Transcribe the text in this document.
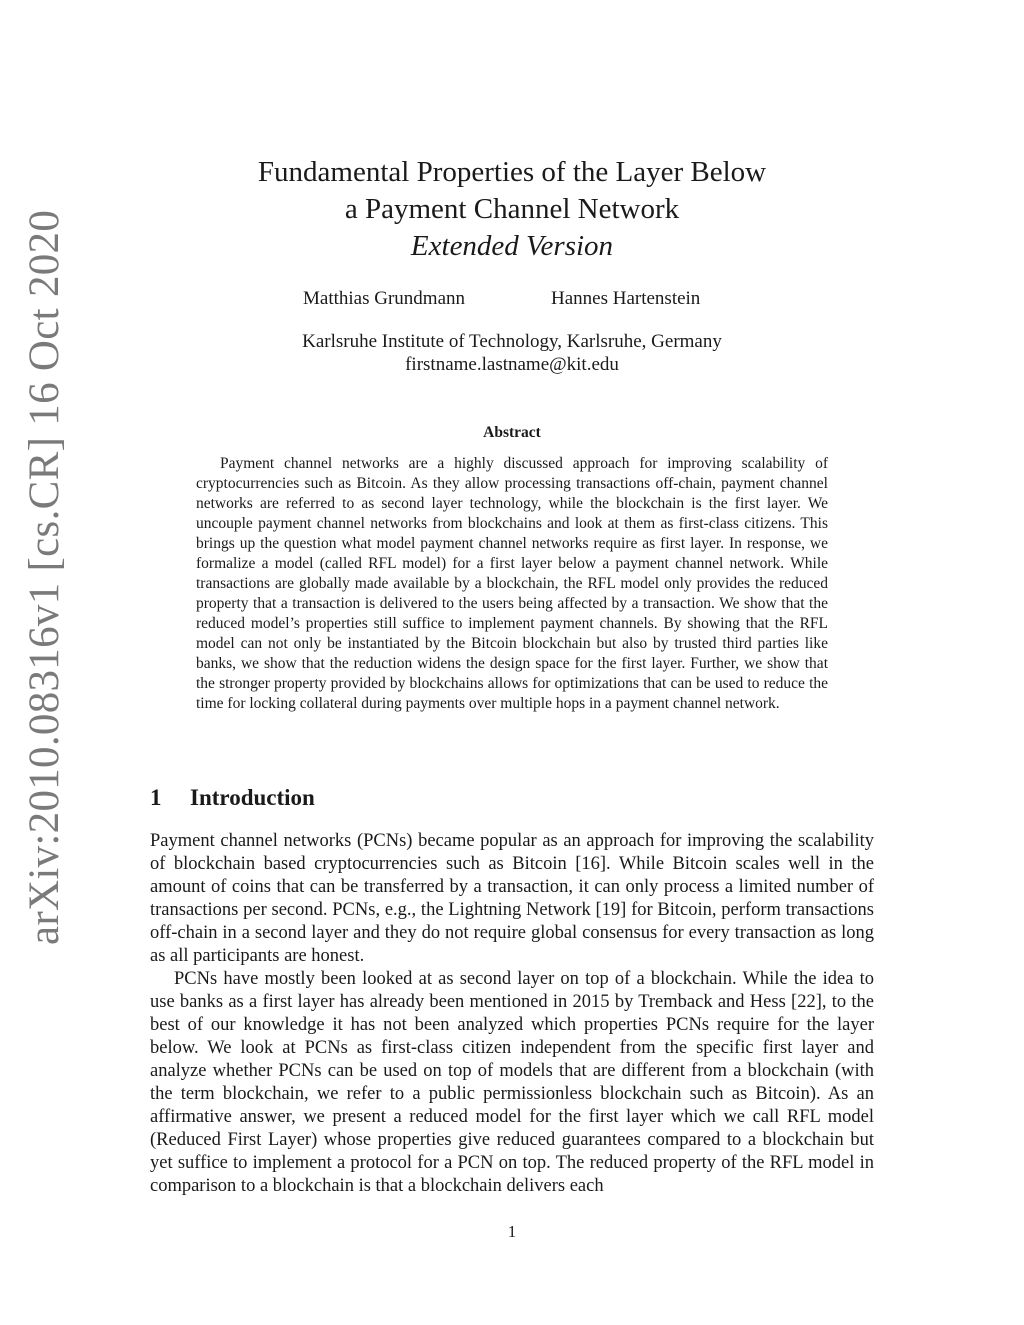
arXiv:2010.08316v1 [cs.CR] 16 Oct 2020
Fundamental Properties of the Layer Below
a Payment Channel Network
Extended Version
Matthias Grundmann	Hannes Hartenstein
Karlsruhe Institute of Technology, Karlsruhe, Germany
firstname.lastname@kit.edu
Abstract
Payment channel networks are a highly discussed approach for improving scalability of cryptocurrencies such as Bitcoin. As they allow processing transactions off-chain, payment channel networks are referred to as second layer technology, while the blockchain is the first layer. We uncouple payment channel networks from blockchains and look at them as first-class citizens. This brings up the question what model payment channel networks require as first layer. In response, we formalize a model (called RFL model) for a first layer below a payment channel network. While transactions are globally made available by a blockchain, the RFL model only provides the reduced property that a transaction is delivered to the users being affected by a transaction. We show that the reduced model’s properties still suffice to implement payment channels. By showing that the RFL model can not only be instantiated by the Bitcoin blockchain but also by trusted third parties like banks, we show that the reduction widens the design space for the first layer. Further, we show that the stronger property provided by blockchains allows for optimizations that can be used to reduce the time for locking collateral during payments over multiple hops in a payment channel network.
1 Introduction

Payment channel networks (PCNs) became popular as an approach for improving the scalability of blockchain based cryptocurrencies such as Bitcoin [16]. While Bitcoin scales well in the amount of coins that can be transferred by a transaction, it can only process a limited number of transactions per second. PCNs, e.g., the Lightning Network [19] for Bitcoin, perform transactions off-chain in a second layer and they do not require global consensus for every transaction as long as all participants are honest.

PCNs have mostly been looked at as second layer on top of a blockchain. While the idea to use banks as a first layer has already been mentioned in 2015 by Tremback and Hess [22], to the best of our knowledge it has not been analyzed which properties PCNs require for the layer below. We look at PCNs as first-class citizen independent from the specific first layer and analyze whether PCNs can be used on top of models that are different from a blockchain (with the term blockchain, we refer to a public permissionless blockchain such as Bitcoin). As an affirmative answer, we present a reduced model for the first layer which we call RFL model (Reduced First Layer) whose properties give reduced guarantees compared to a blockchain but yet suffice to implement a protocol for a PCN on top. The reduced property of the RFL model in comparison to a blockchain is that a blockchain delivers each

1
